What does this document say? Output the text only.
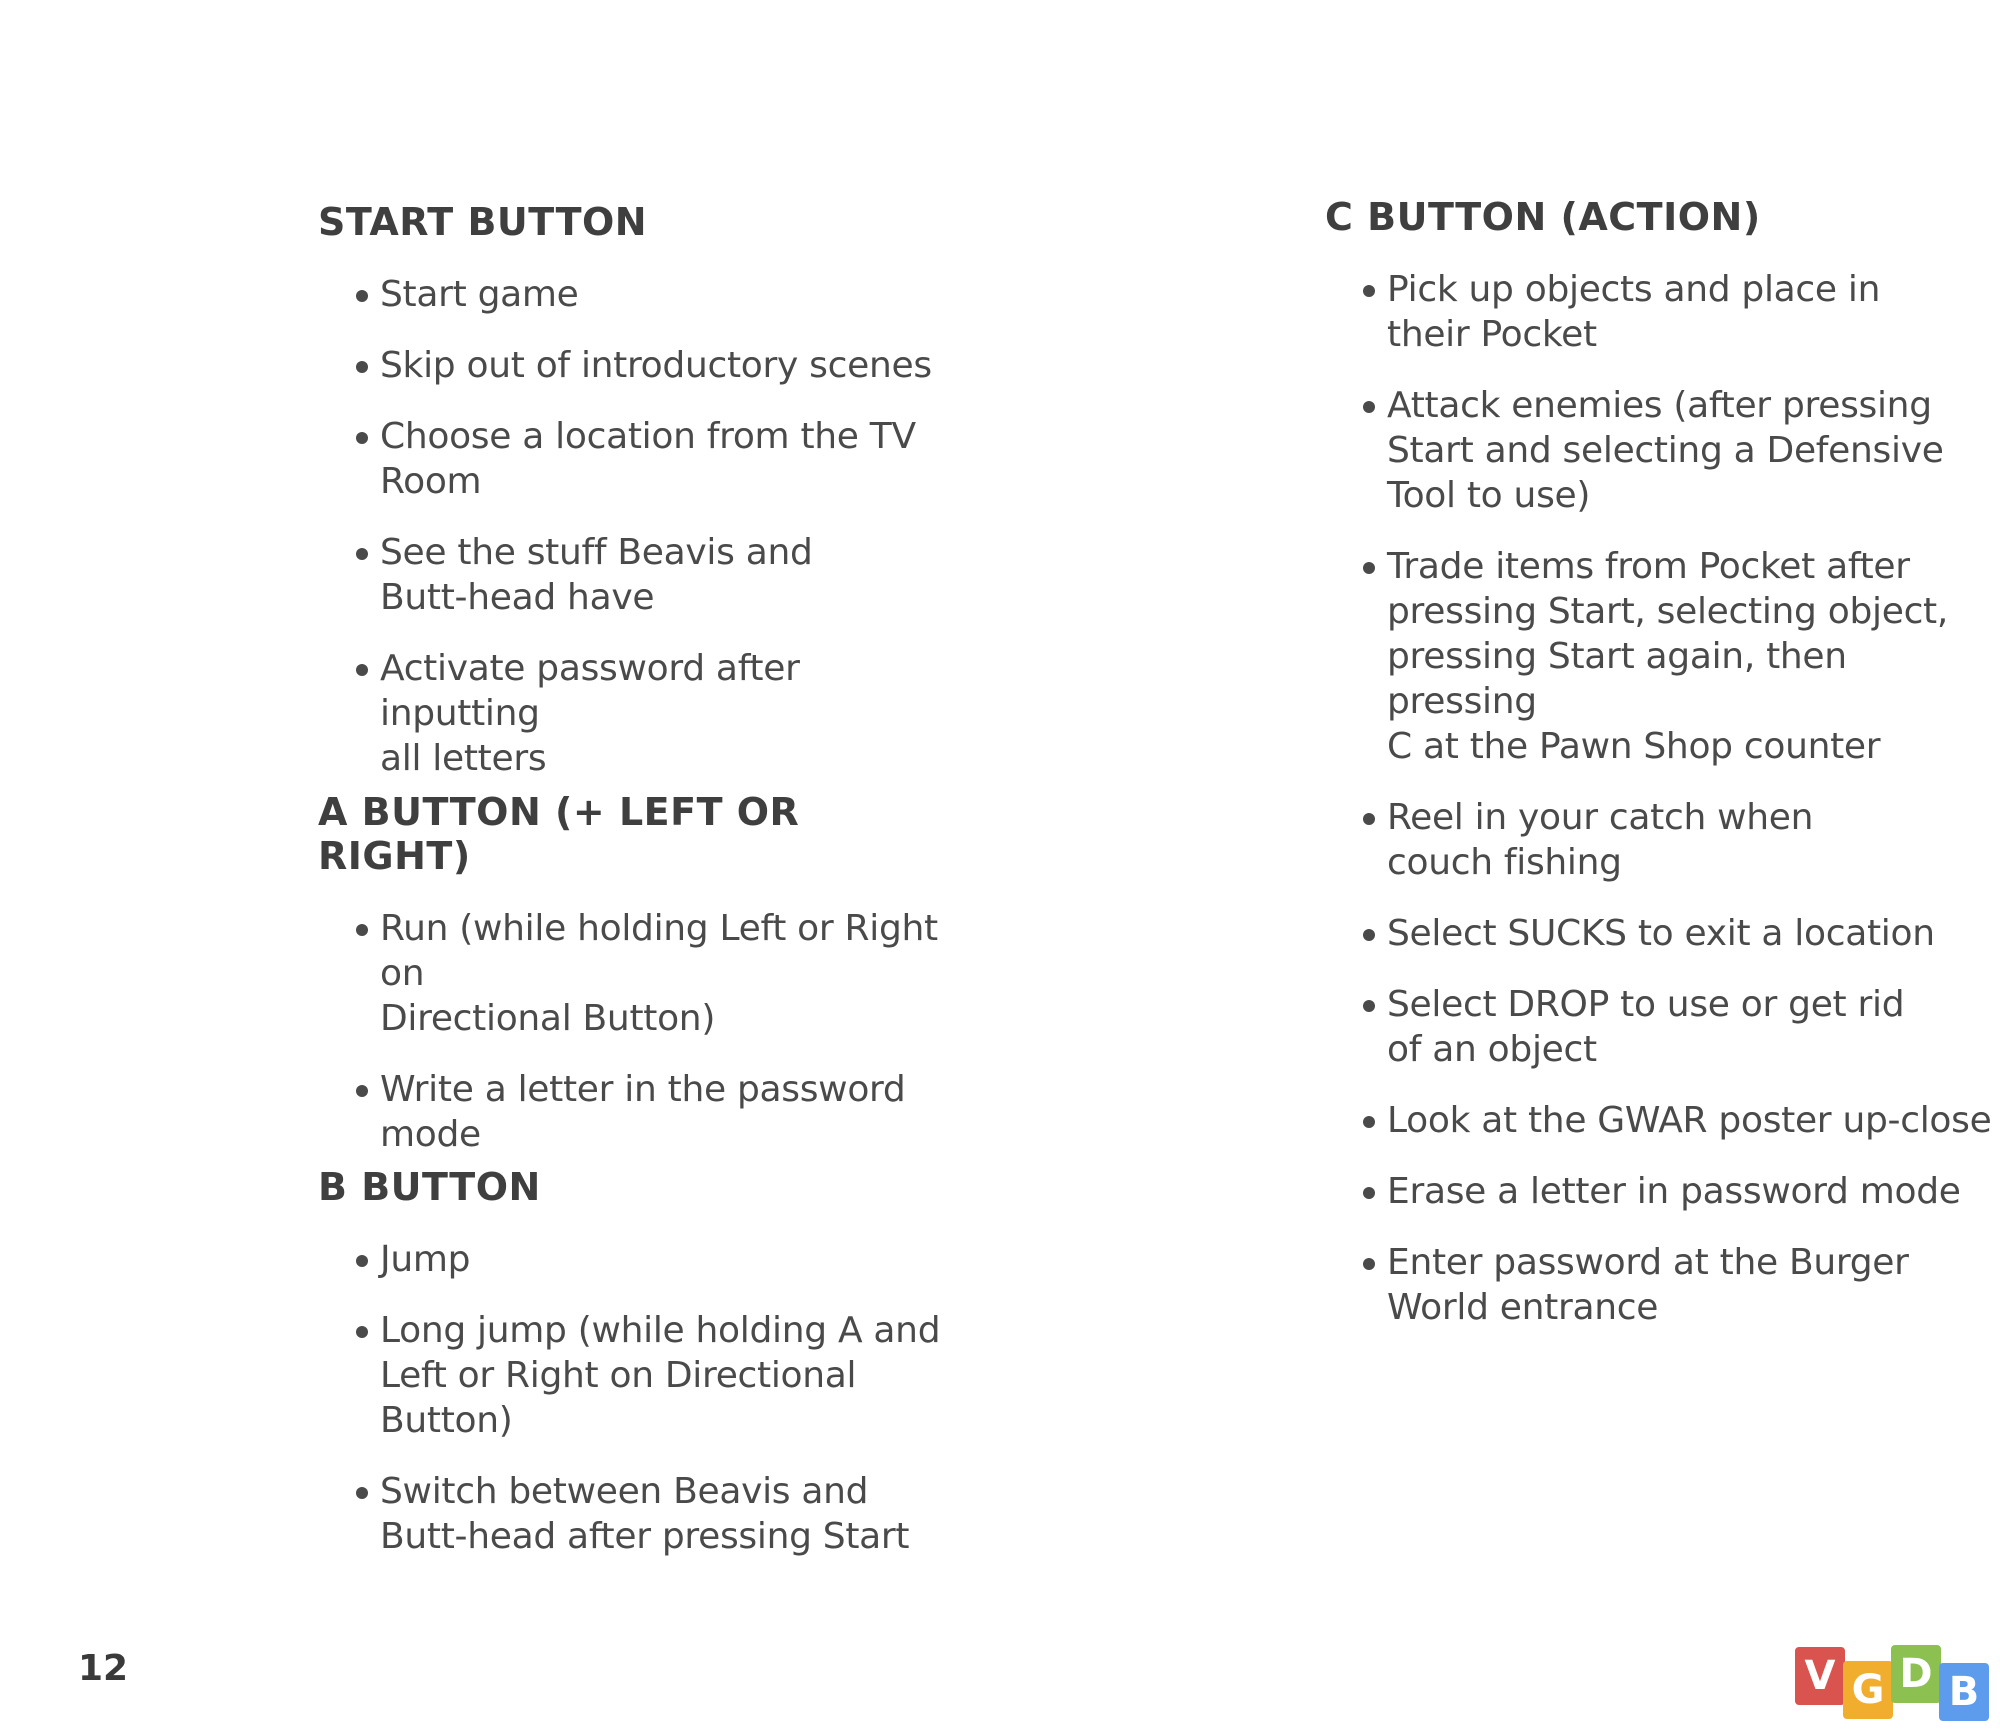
START BUTTON
Start game
Skip out of introductory scenes
Choose a location from the TV Room
See the stuff Beavis and
Butt-head have
Activate password after inputting
all letters
A BUTTON (+ LEFT OR RIGHT)
Run (while holding Left or Right on
Directional Button)
Write a letter in the password
mode
B BUTTON
Jump
Long jump (while holding A and
Left or Right on Directional Button)
Switch between Beavis and
Butt-head after pressing Start
C BUTTON (ACTION)
Pick up objects and place in
their Pocket
Attack enemies (after pressing
Start and selecting a Defensive
Tool to use)
Trade items from Pocket after
pressing Start, selecting object,
pressing Start again, then pressing
C at the Pawn Shop counter
Reel in your catch when
couch fishing
Select SUCKS to exit a location
Select DROP to use or get rid
of an object
Look at the GWAR poster up-close
Erase a letter in password mode
Enter password at the Burger
World entrance
12	V G D B
